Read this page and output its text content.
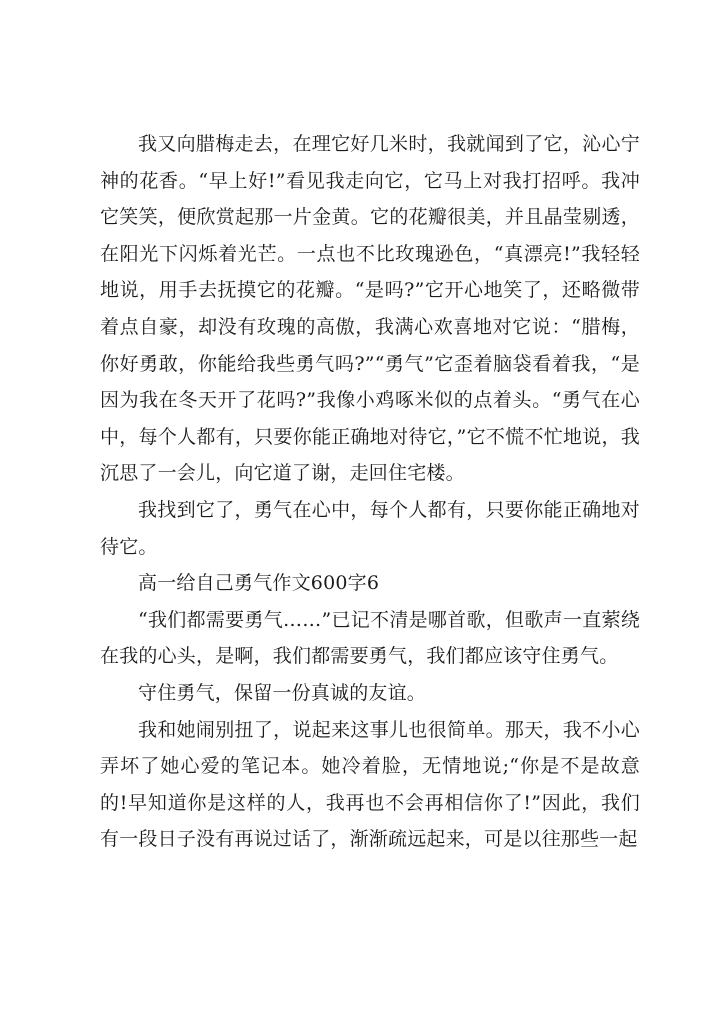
我又向腊梅走去，在理它好几米时，我就闻到了它，沁心宁神的花香。“早上好!”看见我走向它，它马上对我打招呼。我冲它笑笑，便欣赏起那一片金黄。它的花瓣很美，并且晶莹剔透，在阳光下闪烁着光芒。一点也不比玫瑰逊色，“真漂亮!”我轻轻地说，用手去抚摸它的花瓣。“是吗?”它开心地笑了，还略微带着点自豪，却没有玫瑰的高傲，我满心欢喜地对它说：“腊梅，你好勇敢，你能给我些勇气吗?”“勇气”它歪着脑袋看着我，“是因为我在冬天开了花吗?”我像小鸡啄米似的点着头。“勇气在心中，每个人都有，只要你能正确地对待它，”它不慌不忙地说，我沉思了一会儿，向它道了谢，走回住宅楼。

我找到它了，勇气在心中，每个人都有，只要你能正确地对待它。

高一给自己勇气作文600字6

“我们都需要勇气……”已记不清是哪首歌，但歌声一直萦绕在我的心头，是啊，我们都需要勇气，我们都应该守住勇气。

守住勇气，保留一份真诚的友谊。

我和她闹别扭了，说起来这事儿也很简单。那天，我不小心弄坏了她心爱的笔记本。她冷着脸，无情地说;“你是不是故意的!早知道你是这样的人，我再也不会再相信你了!”因此，我们有一段日子没有再说过话了，渐渐疏远起来，可是以往那些一起
